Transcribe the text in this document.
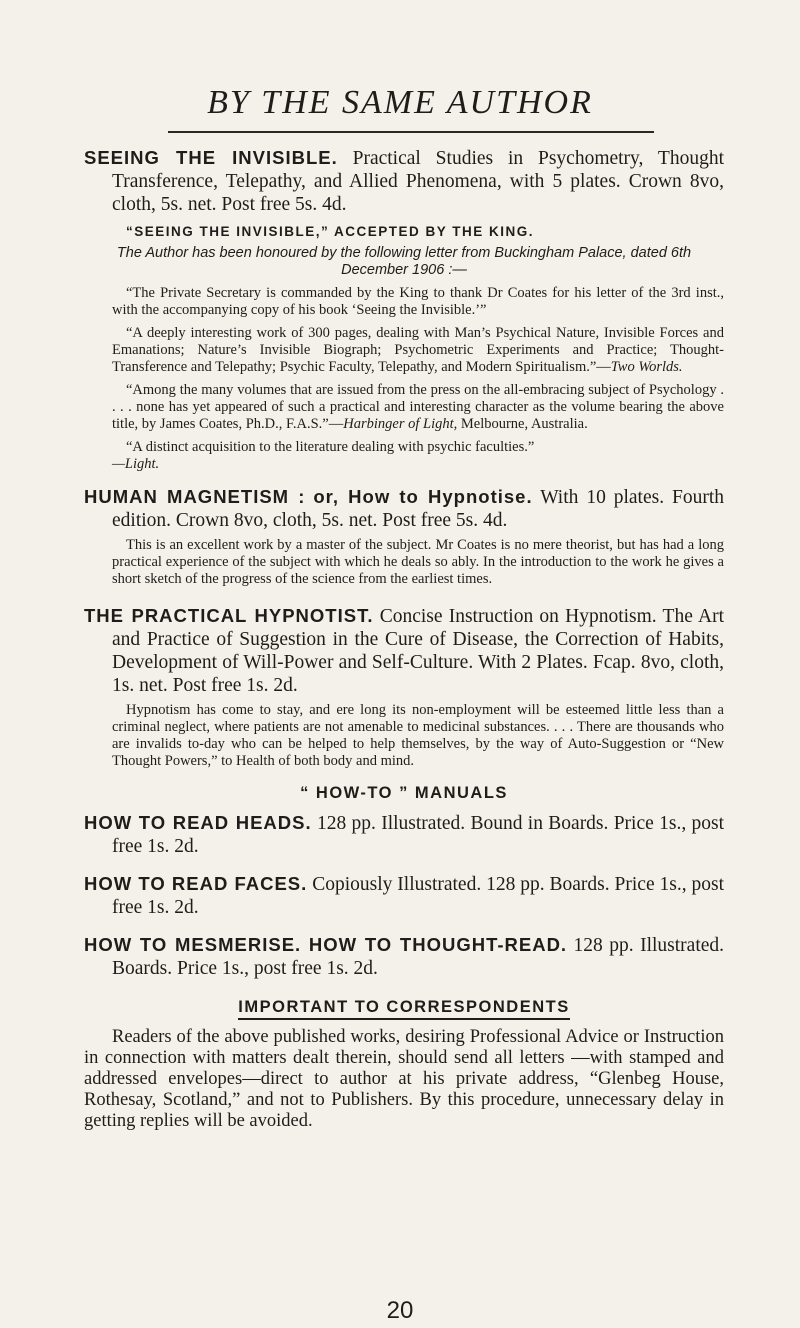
BY THE SAME AUTHOR

SEEING THE INVISIBLE. Practical Studies in Psychometry, Thought Transference, Telepathy, and Allied Phenomena, with 5 plates. Crown 8vo, cloth, 5s. net. Post free 5s. 4d.

“SEEING THE INVISIBLE,” ACCEPTED BY THE KING.

The Author has been honoured by the following letter from Buckingham Palace, dated 6th December 1906 :—

“The Private Secretary is commanded by the King to thank Dr Coates for his letter of the 3rd inst., with the accompanying copy of his book ‘Seeing the Invisible.’”

“A deeply interesting work of 300 pages, dealing with Man’s Psychical Nature, Invisible Forces and Emanations; Nature’s Invisible Biograph; Psychometric Experiments and Practice; Thought-Transference and Telepathy; Psychic Faculty, Telepathy, and Modern Spiritualism.”—Two Worlds.

“Among the many volumes that are issued from the press on the all-embracing subject of Psychology . . . . none has yet appeared of such a practical and interesting character as the volume bearing the above title, by James Coates, Ph.D., F.A.S.”—Harbinger of Light, Melbourne, Australia.

“A distinct acquisition to the literature dealing with psychic faculties.”
—Light.

HUMAN MAGNETISM : or, How to Hypnotise. With 10 plates. Fourth edition. Crown 8vo, cloth, 5s. net. Post free 5s. 4d.

This is an excellent work by a master of the subject. Mr Coates is no mere theorist, but has had a long practical experience of the subject with which he deals so ably. In the introduction to the work he gives a short sketch of the progress of the science from the earliest times.

THE PRACTICAL HYPNOTIST. Concise Instruction on Hypnotism. The Art and Practice of Suggestion in the Cure of Disease, the Correction of Habits, Development of Will-Power and Self-Culture. With 2 Plates. Fcap. 8vo, cloth, 1s. net. Post free 1s. 2d.

Hypnotism has come to stay, and ere long its non-employment will be esteemed little less than a criminal neglect, where patients are not amenable to medicinal substances. . . . There are thousands who are invalids to-day who can be helped to help themselves, by the way of Auto-Suggestion or “New Thought Powers,” to Health of both body and mind.

“ HOW-TO ” MANUALS

HOW TO READ HEADS. 128 pp. Illustrated. Bound in Boards. Price 1s., post free 1s. 2d.

HOW TO READ FACES. Copiously Illustrated. 128 pp. Boards. Price 1s., post free 1s. 2d.

HOW TO MESMERISE. HOW TO THOUGHT-READ. 128 pp. Illustrated. Boards. Price 1s., post free 1s. 2d.

IMPORTANT TO CORRESPONDENTS

Readers of the above published works, desiring Professional Advice or Instruction in connection with matters dealt therein, should send all letters —with stamped and addressed envelopes—direct to author at his private address, “Glenbeg House, Rothesay, Scotland,” and not to Publishers. By this procedure, unnecessary delay in getting replies will be avoided.

20
